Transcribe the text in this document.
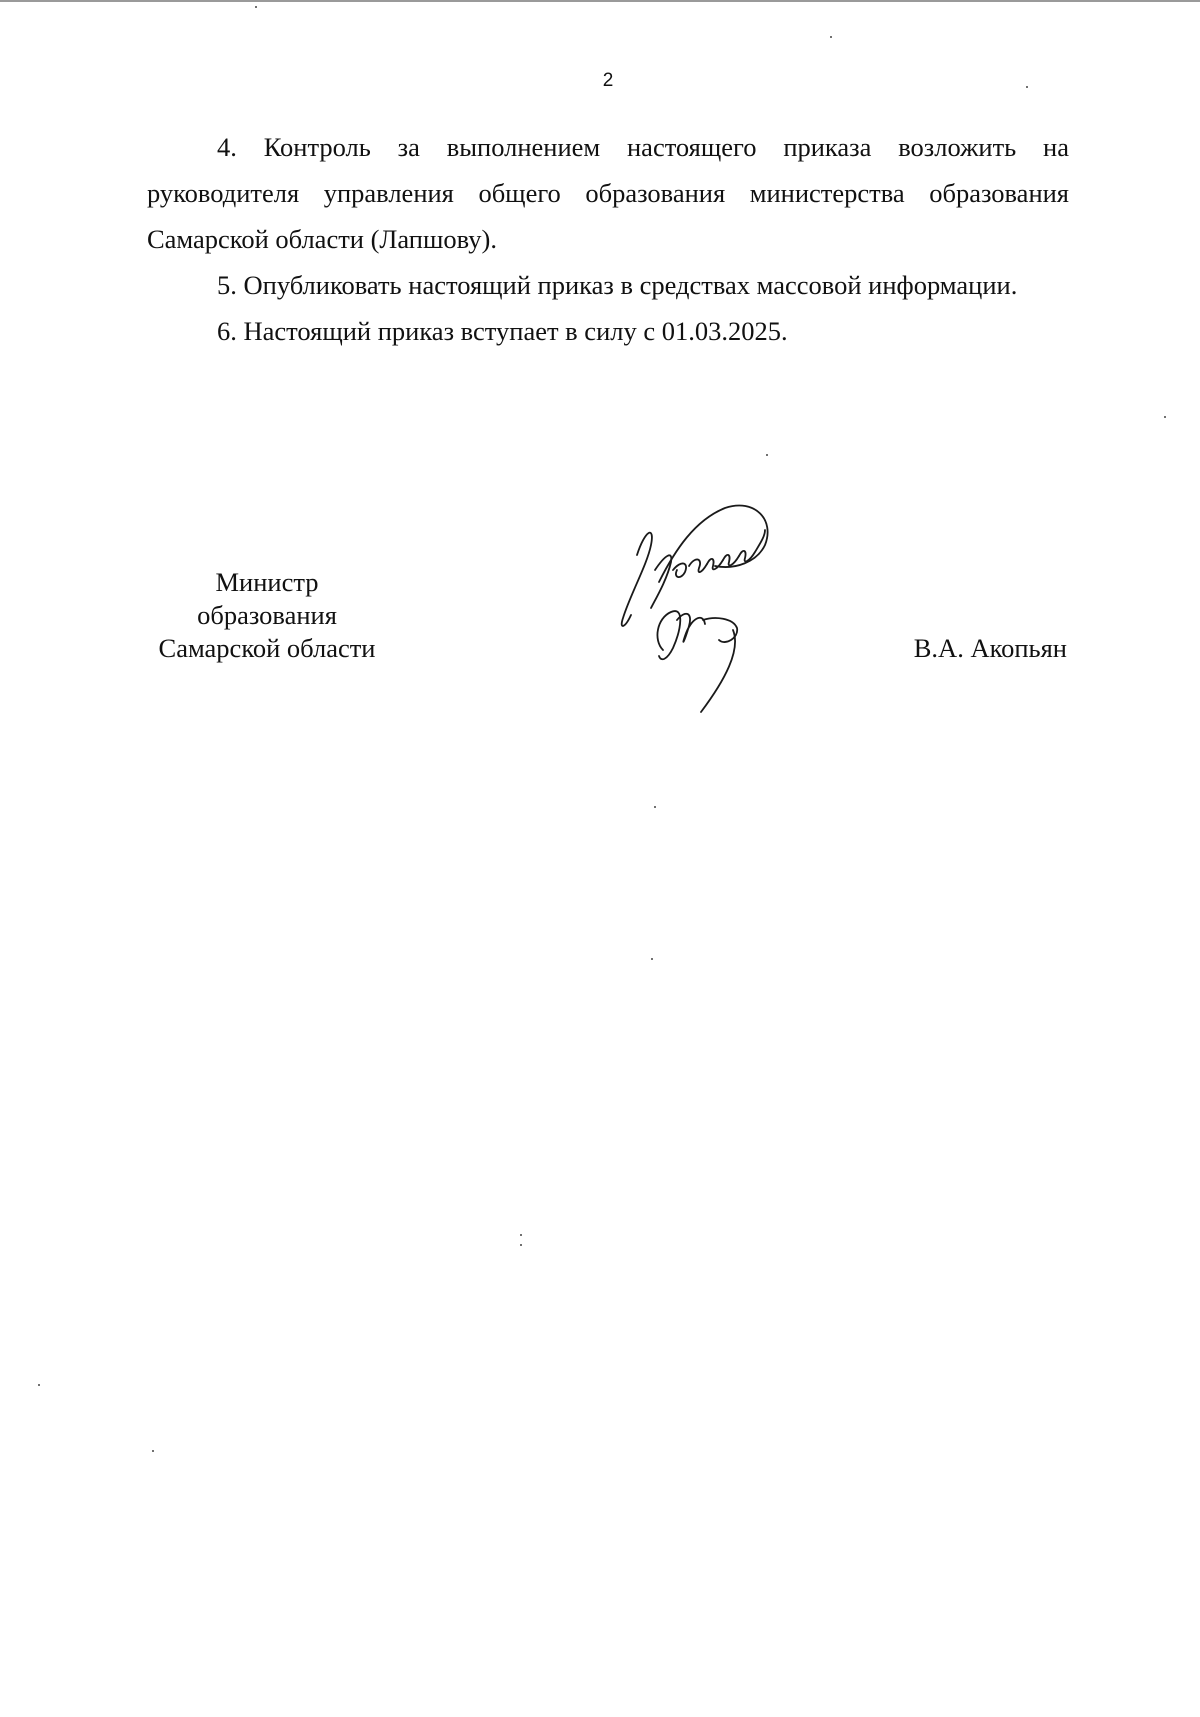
2

4. Контроль за выполнением настоящего приказа возложить на руководителя управления общего образования министерства образования Самарской области (Лапшову).

5. Опубликовать настоящий приказ в средствах массовой информации.

6. Настоящий приказ вступает в силу с 01.03.2025.

Министр
образования
Самарской области	В.А. Акопьян
